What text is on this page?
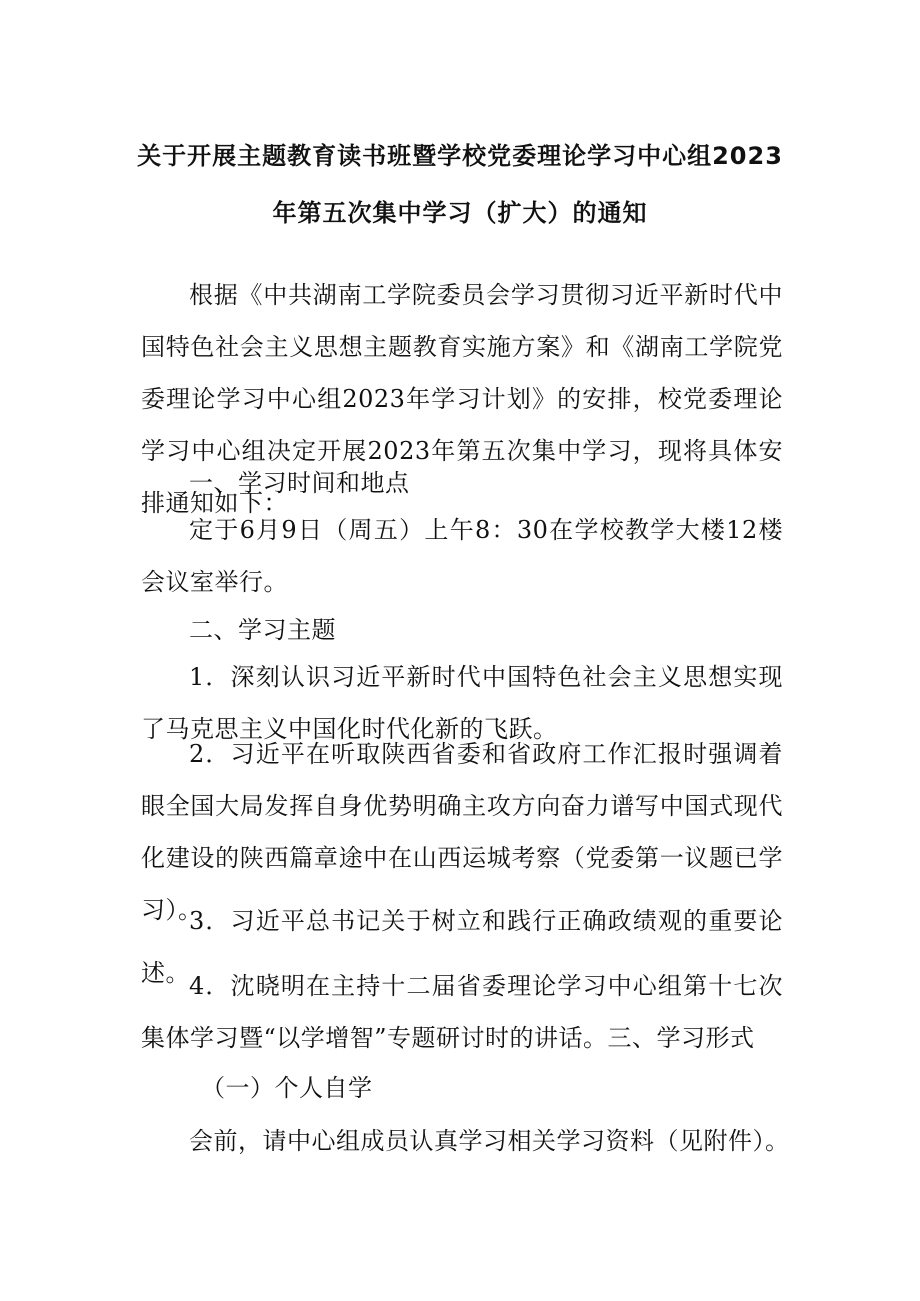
关于开展主题教育读书班暨学校党委理论学习中心组2023
年第五次集中学习（扩大）的通知
根据《中共湖南工学院委员会学习贯彻习近平新时代中国特色社会主义思想主题教育实施方案》和《湖南工学院党委理论学习中心组2023年学习计划》的安排，校党委理论学习中心组决定开展2023年第五次集中学习，现将具体安排通知如下：
一、学习时间和地点
定于6月9日（周五）上午8：30在学校教学大楼12楼会议室举行。
二、学习主题
1．深刻认识习近平新时代中国特色社会主义思想实现了马克思主义中国化时代化新的飞跃。
2．习近平在听取陕西省委和省政府工作汇报时强调着眼全国大局发挥自身优势明确主攻方向奋力谱写中国式现代化建设的陕西篇章途中在山西运城考察（党委第一议题已学习）。
3．习近平总书记关于树立和践行正确政绩观的重要论述。 4．沈晓明在主持十二届省委理论学习中心组第十七次集体学习暨“以学增智”专题研讨时的讲话。三、学习形式
（一）个人自学
会前，请中心组成员认真学习相关学习资料（见附件）。
